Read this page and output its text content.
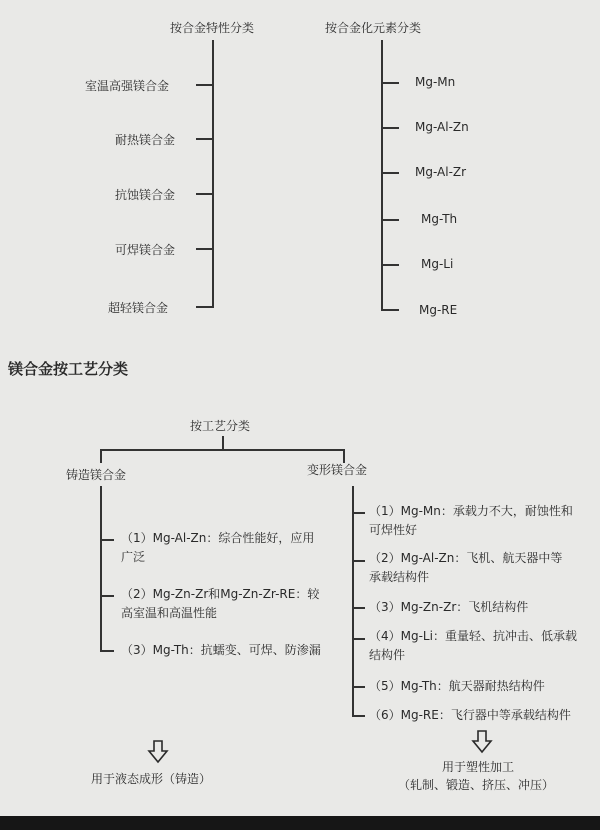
按合金特性分类
室温高强镁合金
耐热镁合金
抗蚀镁合金
可焊镁合金
超轻镁合金
按合金化元素分类
Mg-Mn
Mg-Al-Zn
Mg-Al-Zr
Mg-Th
Mg-Li
Mg-RE
镁合金按工艺分类
按工艺分类
铸造镁合金	变形镁合金
（1）Mg-Al-Zn：综合性能好，应用广泛
（2）Mg-Zn-Zr和Mg-Zn-Zr-RE：较高室温和高温性能
（3）Mg-Th：抗蠕变、可焊、防渗漏
（1）Mg-Mn：承载力不大，耐蚀性和可焊性好
（2）Mg-Al-Zn：飞机、航天器中等承载结构件
（3）Mg-Zn-Zr：飞机结构件
（4）Mg-Li：重量轻、抗冲击、低承载结构件
（5）Mg-Th：航天器耐热结构件
（6）Mg-RE：飞行器中等承载结构件
用于液态成形（铸造）
用于塑性加工
（轧制、锻造、挤压、冲压）
